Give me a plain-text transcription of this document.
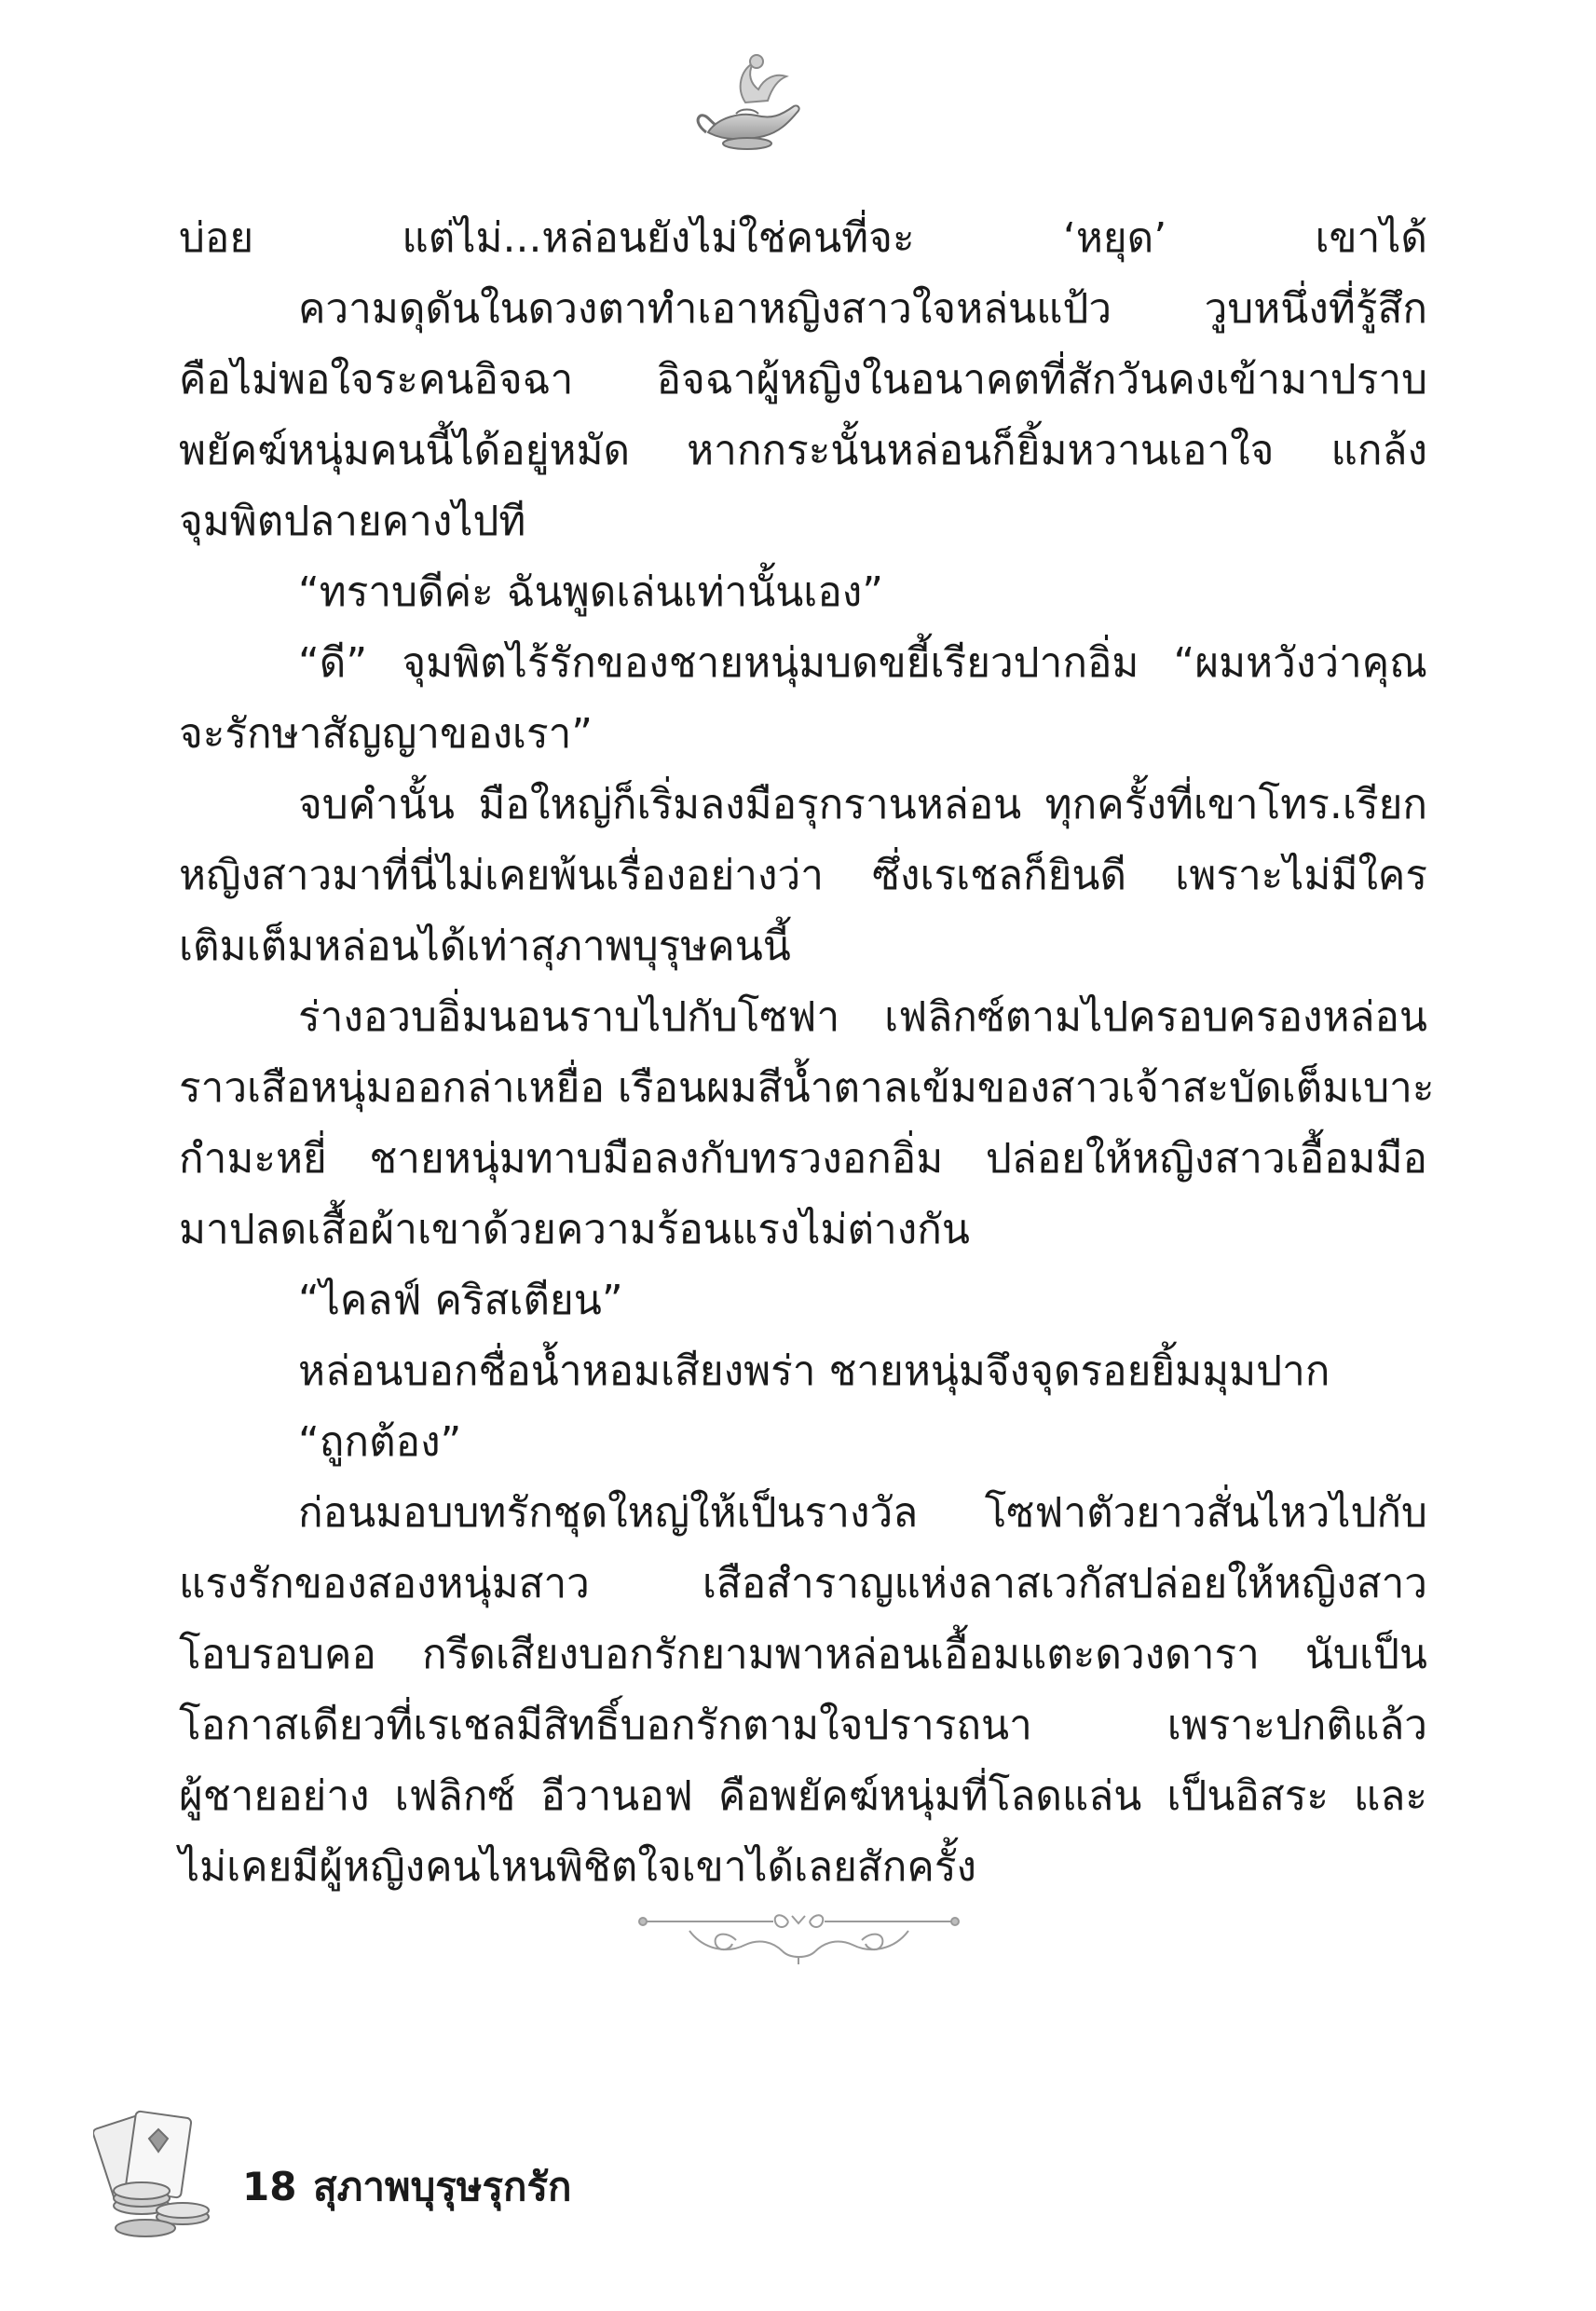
บ่อย แต่ไม่...หล่อนยังไม่ใช่คนที่จะ ‘หยุด’ เขาได้
ความดุดันในดวงตาทำเอาหญิงสาวใจหล่นแป้ว วูบหนึ่งที่รู้สึก
คือไม่พอใจระคนอิจฉา อิจฉาผู้หญิงในอนาคตที่สักวันคงเข้ามาปราบ
พยัคฆ์หนุ่มคนนี้ได้อยู่หมัด หากกระนั้นหล่อนก็ยิ้มหวานเอาใจ แกล้ง
จุมพิตปลายคางไปที
“ทราบดีค่ะ ฉันพูดเล่นเท่านั้นเอง”
“ดี” จุมพิตไร้รักของชายหนุ่มบดขยี้เรียวปากอิ่ม “ผมหวังว่าคุณ
จะรักษาสัญญาของเรา”
จบคำนั้น มือใหญ่ก็เริ่มลงมือรุกรานหล่อน ทุกครั้งที่เขาโทร.เรียก
หญิงสาวมาที่นี่ไม่เคยพ้นเรื่องอย่างว่า ซึ่งเรเชลก็ยินดี เพราะไม่มีใคร
เติมเต็มหล่อนได้เท่าสุภาพบุรุษคนนี้
ร่างอวบอิ่มนอนราบไปกับโซฟา เฟลิกซ์ตามไปครอบครองหล่อน
ราวเสือหนุ่มออกล่าเหยื่อ เรือนผมสีน้ำตาลเข้มของสาวเจ้าสะบัดเต็มเบาะ
กำมะหยี่ ชายหนุ่มทาบมือลงกับทรวงอกอิ่ม ปล่อยให้หญิงสาวเอื้อมมือ
มาปลดเสื้อผ้าเขาด้วยความร้อนแรงไม่ต่างกัน
“ไคลฟ์ คริสเตียน”
หล่อนบอกชื่อน้ำหอมเสียงพร่า ชายหนุ่มจึงจุดรอยยิ้มมุมปาก
“ถูกต้อง”
ก่อนมอบบทรักชุดใหญ่ให้เป็นรางวัล โซฟาตัวยาวสั่นไหวไปกับ
แรงรักของสองหนุ่มสาว เสือสำราญแห่งลาสเวกัสปล่อยให้หญิงสาว
โอบรอบคอ กรีดเสียงบอกรักยามพาหล่อนเอื้อมแตะดวงดารา นับเป็น
โอกาสเดียวที่เรเชลมีสิทธิ์บอกรักตามใจปรารถนา เพราะปกติแล้ว
ผู้ชายอย่าง เฟลิกซ์ อีวานอฟ คือพยัคฆ์หนุ่มที่โลดแล่น เป็นอิสระ และ
ไม่เคยมีผู้หญิงคนไหนพิชิตใจเขาได้เลยสักครั้ง
18 สุภาพบุรุษรุกรัก
